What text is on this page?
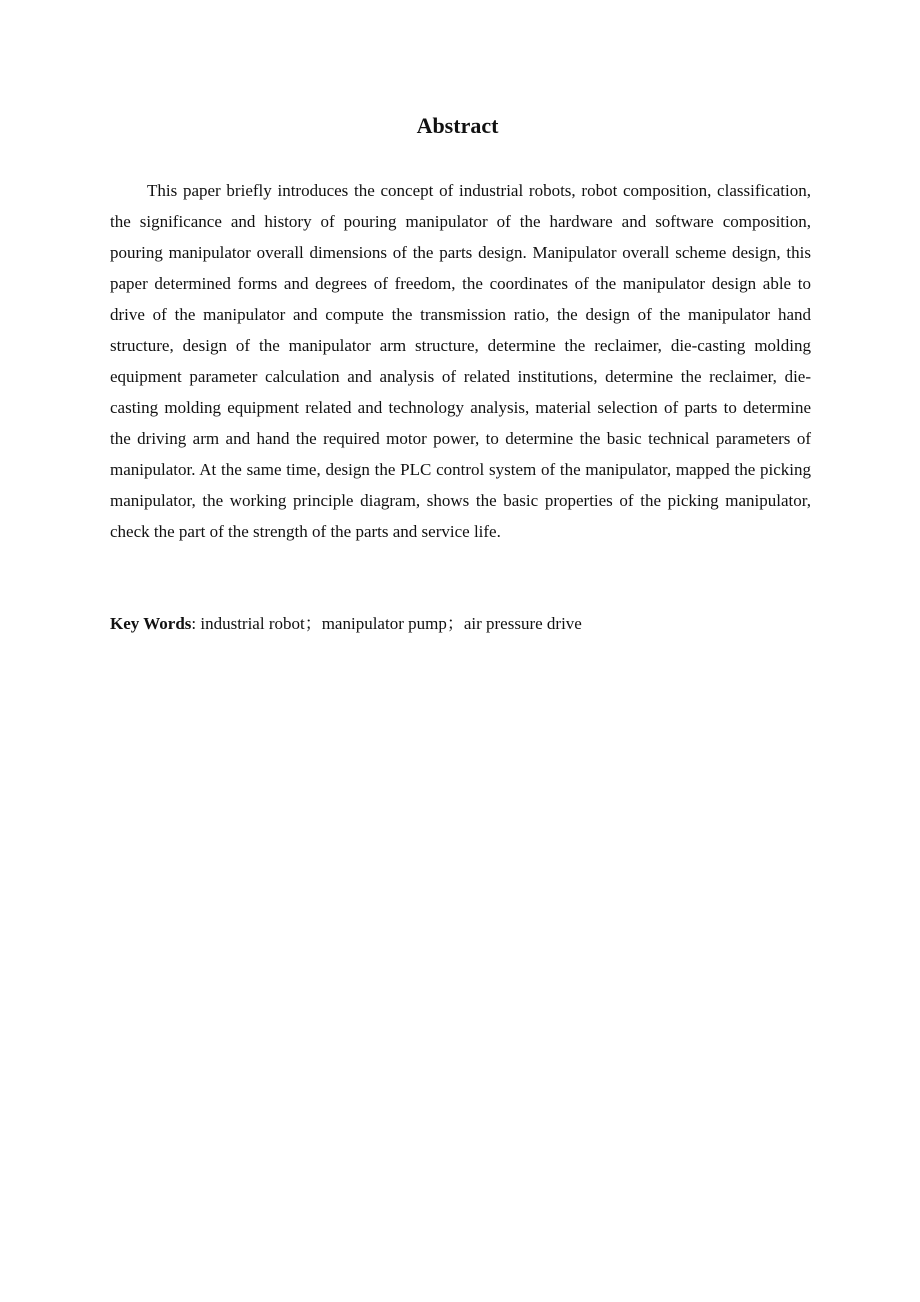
Abstract

This paper briefly introduces the concept of industrial robots, robot composition, classification, the significance and history of pouring manipulator of the hardware and software composition, pouring manipulator overall dimensions of the parts design. Manipulator overall scheme design, this paper determined forms and degrees of freedom, the coordinates of the manipulator design able to drive of the manipulator and compute the transmission ratio, the design of the manipulator hand structure, design of the manipulator arm structure, determine the reclaimer, die-casting molding equipment parameter calculation and analysis of related institutions, determine the reclaimer, die-casting molding equipment related and technology analysis, material selection of parts to determine the driving arm and hand the required motor power, to determine the basic technical parameters of manipulator. At the same time, design the PLC control system of the manipulator, mapped the picking manipulator, the working principle diagram, shows the basic properties of the picking manipulator, check the part of the strength of the parts and service life.

Key Words: industrial robot；manipulator pump；air pressure drive
